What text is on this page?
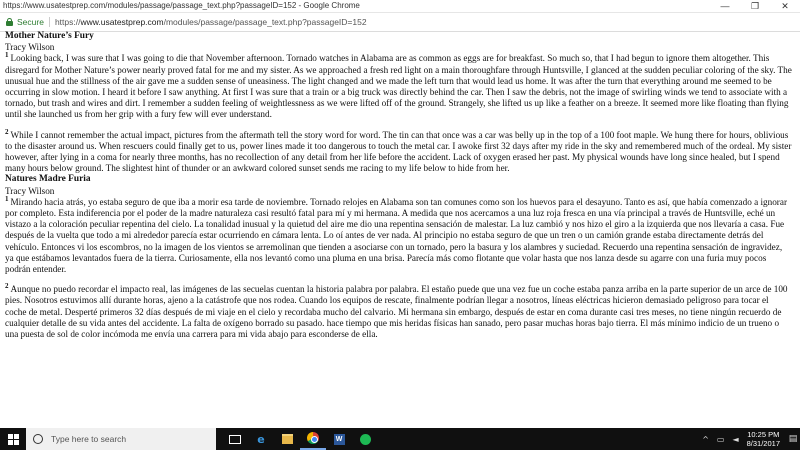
https://www.usatestprep.com/modules/passage/passage_text.php?passageID=152 - Google Chrome	—	❐	✕
Secure https://www.usatestprep.com/modules/passage/passage_text.php?passageID=152
Mother Nature’s Fury
Tracy Wilson

$^1$ Looking back, I was sure that I was going to die that November afternoon. Tornado watches in Alabama are as common as eggs are for breakfast. So much so, that I had begun to ignore them altogether. This disregard for Mother Nature’s power nearly proved fatal for me and my sister. As we approached a fresh red light on a main thoroughfare through Huntsville, I glanced at the sudden peculiar coloring of the sky. The unusual hue and the stillness of the air gave me a sudden sense of uneasiness. The light changed and we made the left turn that would lead us home. It was after the turn that everything around me seemed to be occurring in slow motion. I heard it before I saw anything. At first I was sure that a train or a big truck was directly behind the car. Then I saw the debris, not the image of swirling winds we tend to associate with a tornado, but trash and wires and dirt. I remember a sudden feeling of weightlessness as we were lifted off of the ground. Strangely, she lifted us up like a feather on a breeze. It seemed more like floating than flying until she launched us from her grip with a fury few will ever understand.

$^2$ While I cannot remember the actual impact, pictures from the aftermath tell the story word for word. The tin can that once was a car was belly up in the top of a 100 foot maple. We hung there for hours, oblivious to the disaster around us. When rescuers could finally get to us, power lines made it too dangerous to touch the metal car. I awoke first 32 days after my ride in the sky and remembered much of the ordeal. My sister however, after lying in a coma for nearly three months, has no recollection of any detail from her life before the accident. Lack of oxygen erased her past. My physical wounds have long since healed, but I spend many hours below ground. The slightest hint of thunder or an awkward colored sunset sends me racing to my life below to hide from her.

Natures Madre Furia
Tracy Wilson

$^1$ Mirando hacia atrás, yo estaba seguro de que iba a morir esa tarde de noviembre. Tornado relojes en Alabama son tan comunes como son los huevos para el desayuno. Tanto es así, que había comenzado a ignorar por completo. Esta indiferencia por el poder de la madre naturaleza casi resultó fatal para mí y mi hermana. A medida que nos acercamos a una luz roja fresca en una vía principal a través de Huntsville, eché un vistazo a la coloración peculiar repentina del cielo. La tonalidad inusual y la quietud del aire me dio una repentina sensación de malestar. La luz cambió y nos hizo el giro a la izquierda que nos llevaría a casa. Fue después de la vuelta que todo a mi alrededor parecía estar ocurriendo en cámara lenta. Lo oí antes de ver nada. Al principio no estaba seguro de que un tren o un camión grande estaba directamente detrás del vehículo. Entonces vi los escombros, no la imagen de los vientos se arremolinan que tienden a asociarse con un tornado, pero la basura y los alambres y suciedad. Recuerdo una repentina sensación de ingravidez, ya que estábamos levantados fuera de la tierra. Curiosamente, ella nos levantó como una pluma en una brisa. Parecía más como flotante que volar hasta que nos lanza desde su agarre con una furia muy pocos podrán entender.

$^2$ Aunque no puedo recordar el impacto real, las imágenes de las secuelas cuentan la historia palabra por palabra. El estaño puede que una vez fue un coche estaba panza arriba en la parte superior de un arce de 100 pies. Nosotros estuvimos allí durante horas, ajeno a la catástrofe que nos rodea. Cuando los equipos de rescate, finalmente podrían llegar a nosotros, líneas eléctricas hicieron demasiado peligroso para tocar el coche de metal. Desperté primeros 32 días después de mi viaje en el cielo y recordaba mucho del calvario. Mi hermana sin embargo, después de estar en coma durante casi tres meses, no tiene ningún recuerdo de cualquier detalle de su vida antes del accidente. La falta de oxígeno borrado su pasado. hace tiempo que mis heridas físicas han sanado, pero pasar muchas horas bajo tierra. El más mínimo indicio de un trueno o una puesta de sol de color incómoda me envía una carrera para mi vida abajo para esconderse de ella.

Type here to search	e	W	^ ▭ ◄ 10:25 PM
8/31/2017 ▤
